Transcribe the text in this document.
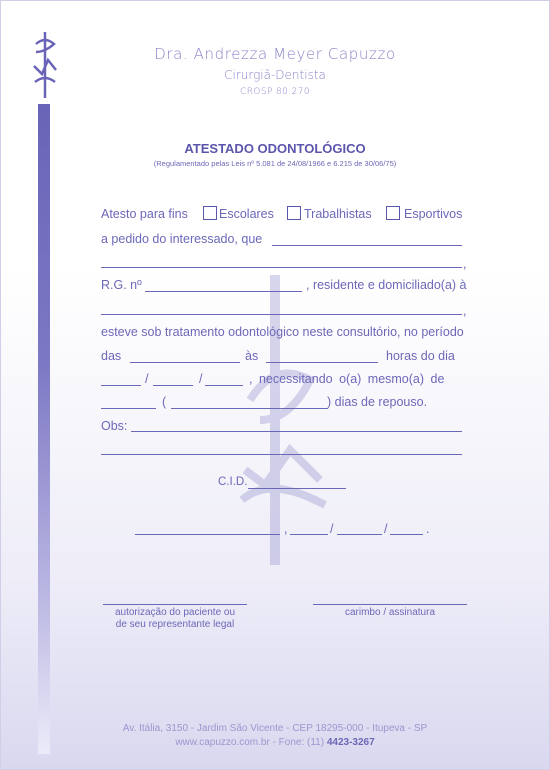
Dra. Andrezza Meyer Capuzzo
Cirurgiã-Dentista
CROSP 80.270
ATESTADO ODONTOLÓGICO
(Regulamentado pelas Leis nº 5.081 de 24/08/1966 e 6.215 de 30/06/75)
Atesto para fins Escolares Trabalhistas	Esportivos
a pedido do interessado, que
,
R.G. nº	, residente e domiciliado(a) à
,
esteve sob tratamento odontológico neste consultório, no período
das	às	horas do dia
/	/	, necessitando o(a) mesmo(a) de
(	) dias de repouso.
Obs:
C.I.D.
,	/	/	.
autorização do paciente ou
de seu representante legal
carimbo / assinatura
Av. Itália, 3150 - Jardim São Vicente - CEP 18295-000 - Itupeva - SP
www.capuzzo.com.br - Fone: (11) 4423-3267
